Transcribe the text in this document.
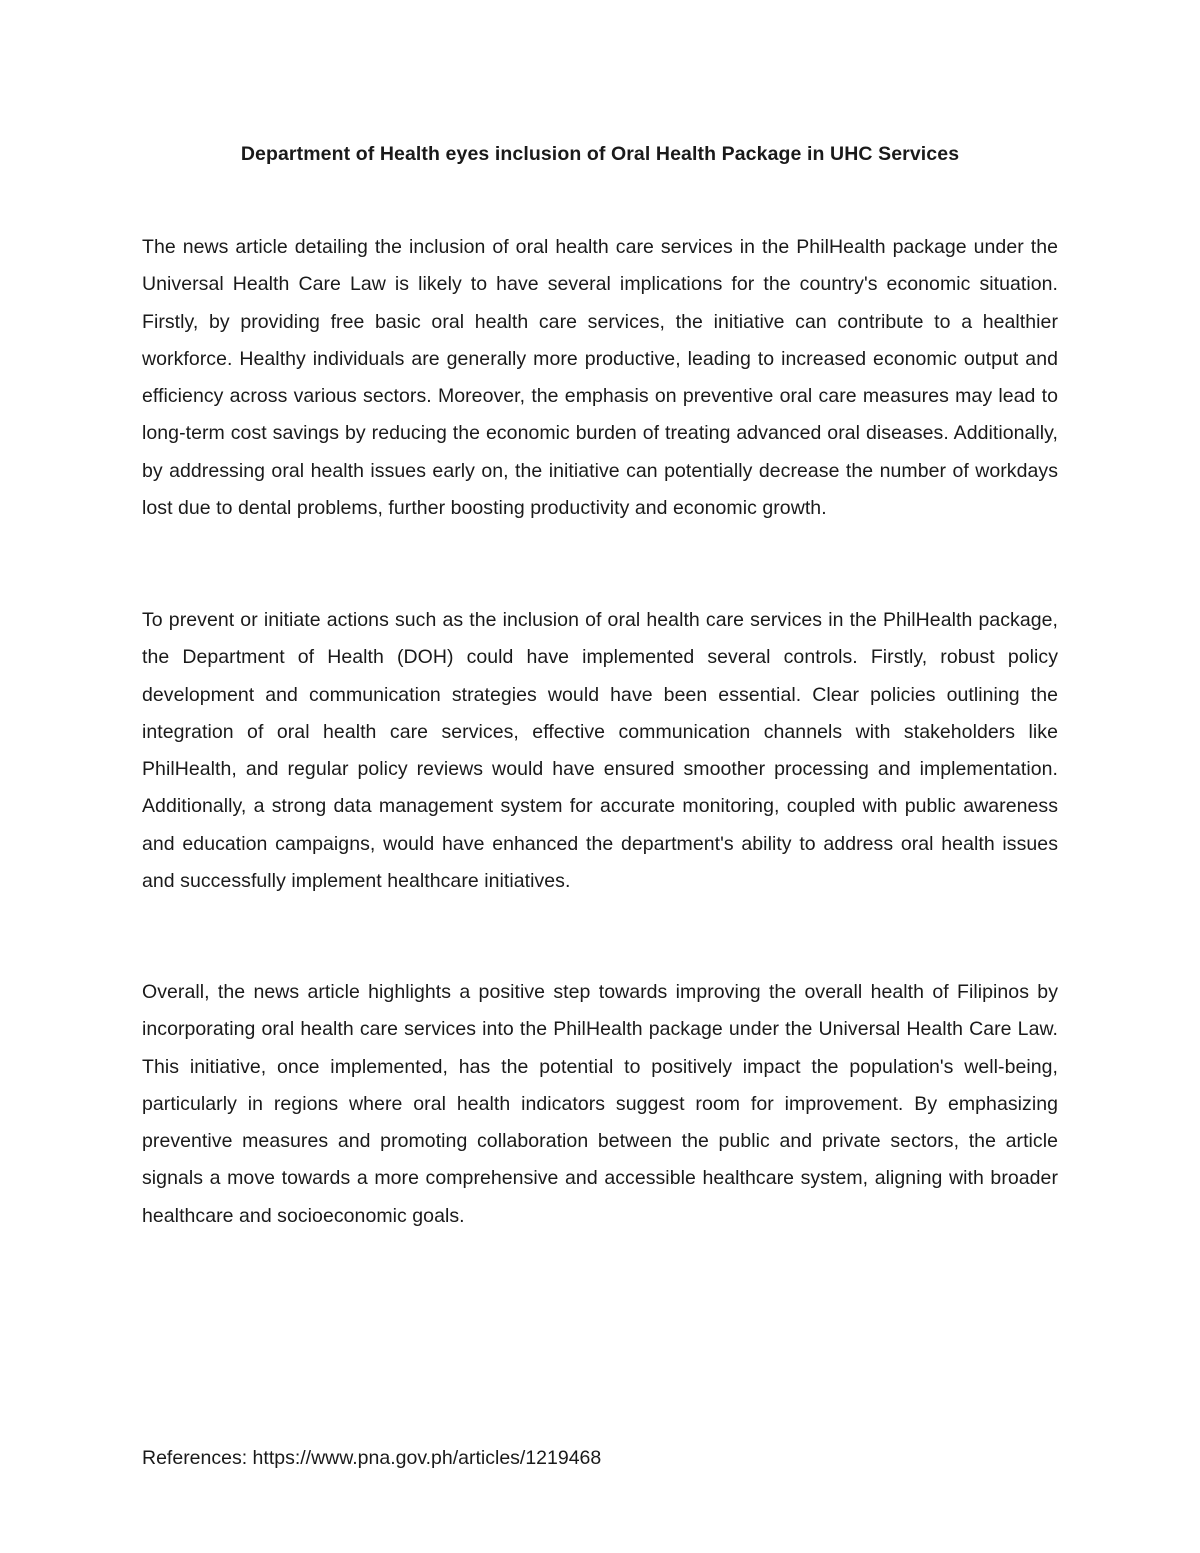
Department of Health eyes inclusion of Oral Health Package in UHC Services

The news article detailing the inclusion of oral health care services in the PhilHealth package under the Universal Health Care Law is likely to have several implications for the country's economic situation. Firstly, by providing free basic oral health care services, the initiative can contribute to a healthier workforce. Healthy individuals are generally more productive, leading to increased economic output and efficiency across various sectors. Moreover, the emphasis on preventive oral care measures may lead to long-term cost savings by reducing the economic burden of treating advanced oral diseases. Additionally, by addressing oral health issues early on, the initiative can potentially decrease the number of workdays lost due to dental problems, further boosting productivity and economic growth.

To prevent or initiate actions such as the inclusion of oral health care services in the PhilHealth package, the Department of Health (DOH) could have implemented several controls. Firstly, robust policy development and communication strategies would have been essential. Clear policies outlining the integration of oral health care services, effective communication channels with stakeholders like PhilHealth, and regular policy reviews would have ensured smoother processing and implementation. Additionally, a strong data management system for accurate monitoring, coupled with public awareness and education campaigns, would have enhanced the department's ability to address oral health issues and successfully implement healthcare initiatives.

Overall, the news article highlights a positive step towards improving the overall health of Filipinos by incorporating oral health care services into the PhilHealth package under the Universal Health Care Law. This initiative, once implemented, has the potential to positively impact the population's well-being, particularly in regions where oral health indicators suggest room for improvement. By emphasizing preventive measures and promoting collaboration between the public and private sectors, the article signals a move towards a more comprehensive and accessible healthcare system, aligning with broader healthcare and socioeconomic goals.

References: https://www.pna.gov.ph/articles/1219468
